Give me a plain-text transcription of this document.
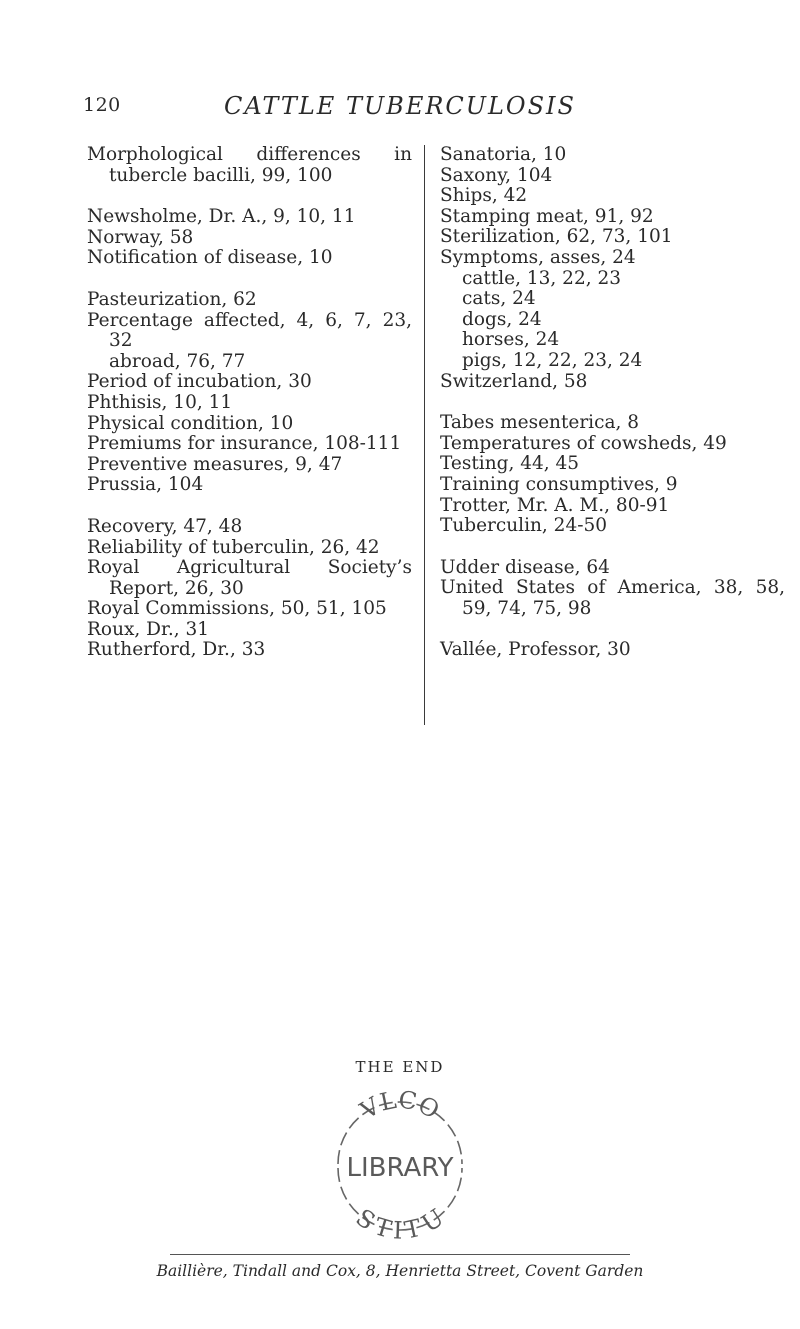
120	CATTLE TUBERCULOSIS
Morphological differences in tubercle bacilli, 99, 100
Newsholme, Dr. A., 9, 10, 11
Norway, 58
Notification of disease, 10
Pasteurization, 62
Percentage affected, 4, 6, 7, 23, 32
abroad, 76, 77
Period of incubation, 30
Phthisis, 10, 11
Physical condition, 10
Premiums for insurance, 108-111
Preventive measures, 9, 47
Prussia, 104
Recovery, 47, 48
Reliability of tuberculin, 26, 42
Royal Agricultural Society’s Report, 26, 30
Royal Commissions, 50, 51, 105
Roux, Dr., 31
Rutherford, Dr., 33
Sanatoria, 10
Saxony, 104
Ships, 42
Stamping meat, 91, 92
Sterilization, 62, 73, 101
Symptoms, asses, 24
cattle, 13, 22, 23
cats, 24
dogs, 24
horses, 24
pigs, 12, 22, 23, 24
Switzerland, 58
Tabes mesenterica, 8
Temperatures of cowsheds, 49
Testing, 44, 45
Training consumptives, 9
Trotter, Mr. A. M., 80-91
Tuberculin, 24-50
Udder disease, 64
United States of America, 38, 58, 59, 74, 75, 98
Vallée, Professor, 30
THE END
VLCO
LIBRARY
STITU
Baillière, Tindall and Cox, 8, Henrietta Street, Covent Garden
